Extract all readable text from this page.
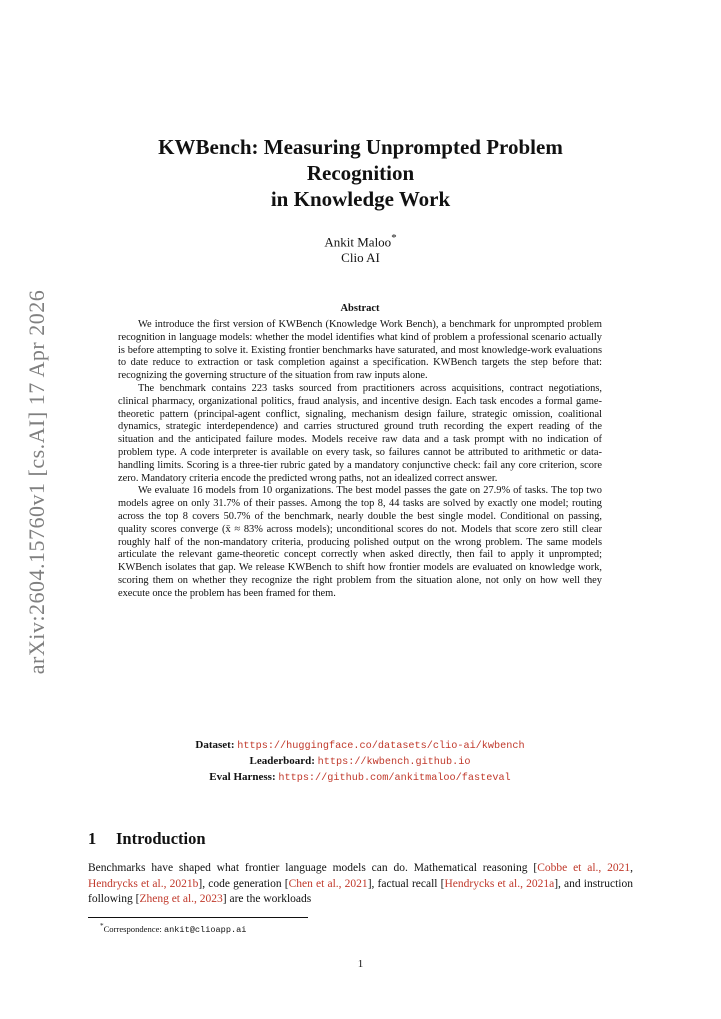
arXiv:2604.15760v1 [cs.AI] 17 Apr 2026
KWBench: Measuring Unprompted Problem
Recognition
in Knowledge Work
Ankit Maloo*
Clio AI
Abstract

We introduce the first version of KWBench (Knowledge Work Bench), a benchmark for unprompted problem recognition in language models: whether the model identifies what kind of problem a professional scenario actually is before attempting to solve it. Existing frontier benchmarks have saturated, and most knowledge-work evaluations to date reduce to extraction or task completion against a specification. KWBench targets the step before that: recognizing the governing structure of the situation from raw inputs alone.

The benchmark contains 223 tasks sourced from practitioners across acquisitions, contract negotiations, clinical pharmacy, organizational politics, fraud analysis, and incentive design. Each task encodes a formal game-theoretic pattern (principal-agent conflict, signaling, mechanism design failure, strategic omission, coalitional dynamics, strategic interdependence) and carries structured ground truth recording the expert reading of the situation and the anticipated failure modes. Models receive raw data and a task prompt with no indication of problem type. A code interpreter is available on every task, so failures cannot be attributed to arithmetic or data-handling limits. Scoring is a three-tier rubric gated by a mandatory conjunctive check: fail any core criterion, score zero. Mandatory criteria encode the predicted wrong paths, not an idealized correct answer.

We evaluate 16 models from 10 organizations. The best model passes the gate on 27.9% of tasks. The top two models agree on only 31.7% of their passes. Among the top 8, 44 tasks are solved by exactly one model; routing across the top 8 covers 50.7% of the benchmark, nearly double the best single model. Conditional on passing, quality scores converge (x̄ ≈ 83% across models); unconditional scores do not. Models that score zero still clear roughly half of the non-mandatory criteria, producing polished output on the wrong problem. The same models articulate the relevant game-theoretic concept correctly when asked directly, then fail to apply it unprompted; KWBench isolates that gap. We release KWBench to shift how frontier models are evaluated on knowledge work, scoring them on whether they recognize the right problem from the situation alone, not only on how well they execute once the problem has been framed for them.

Dataset: https://huggingface.co/datasets/clio-ai/kwbench
Leaderboard: https://kwbench.github.io
Eval Harness: https://github.com/ankitmaloo/fasteval
1 Introduction

Benchmarks have shaped what frontier language models can do. Mathematical reasoning [Cobbe et al., 2021, Hendrycks et al., 2021b], code generation [Chen et al., 2021], factual recall [Hendrycks et al., 2021a], and instruction following [Zheng et al., 2023] are the workloads

*Correspondence: ankit@clioapp.ai
1
